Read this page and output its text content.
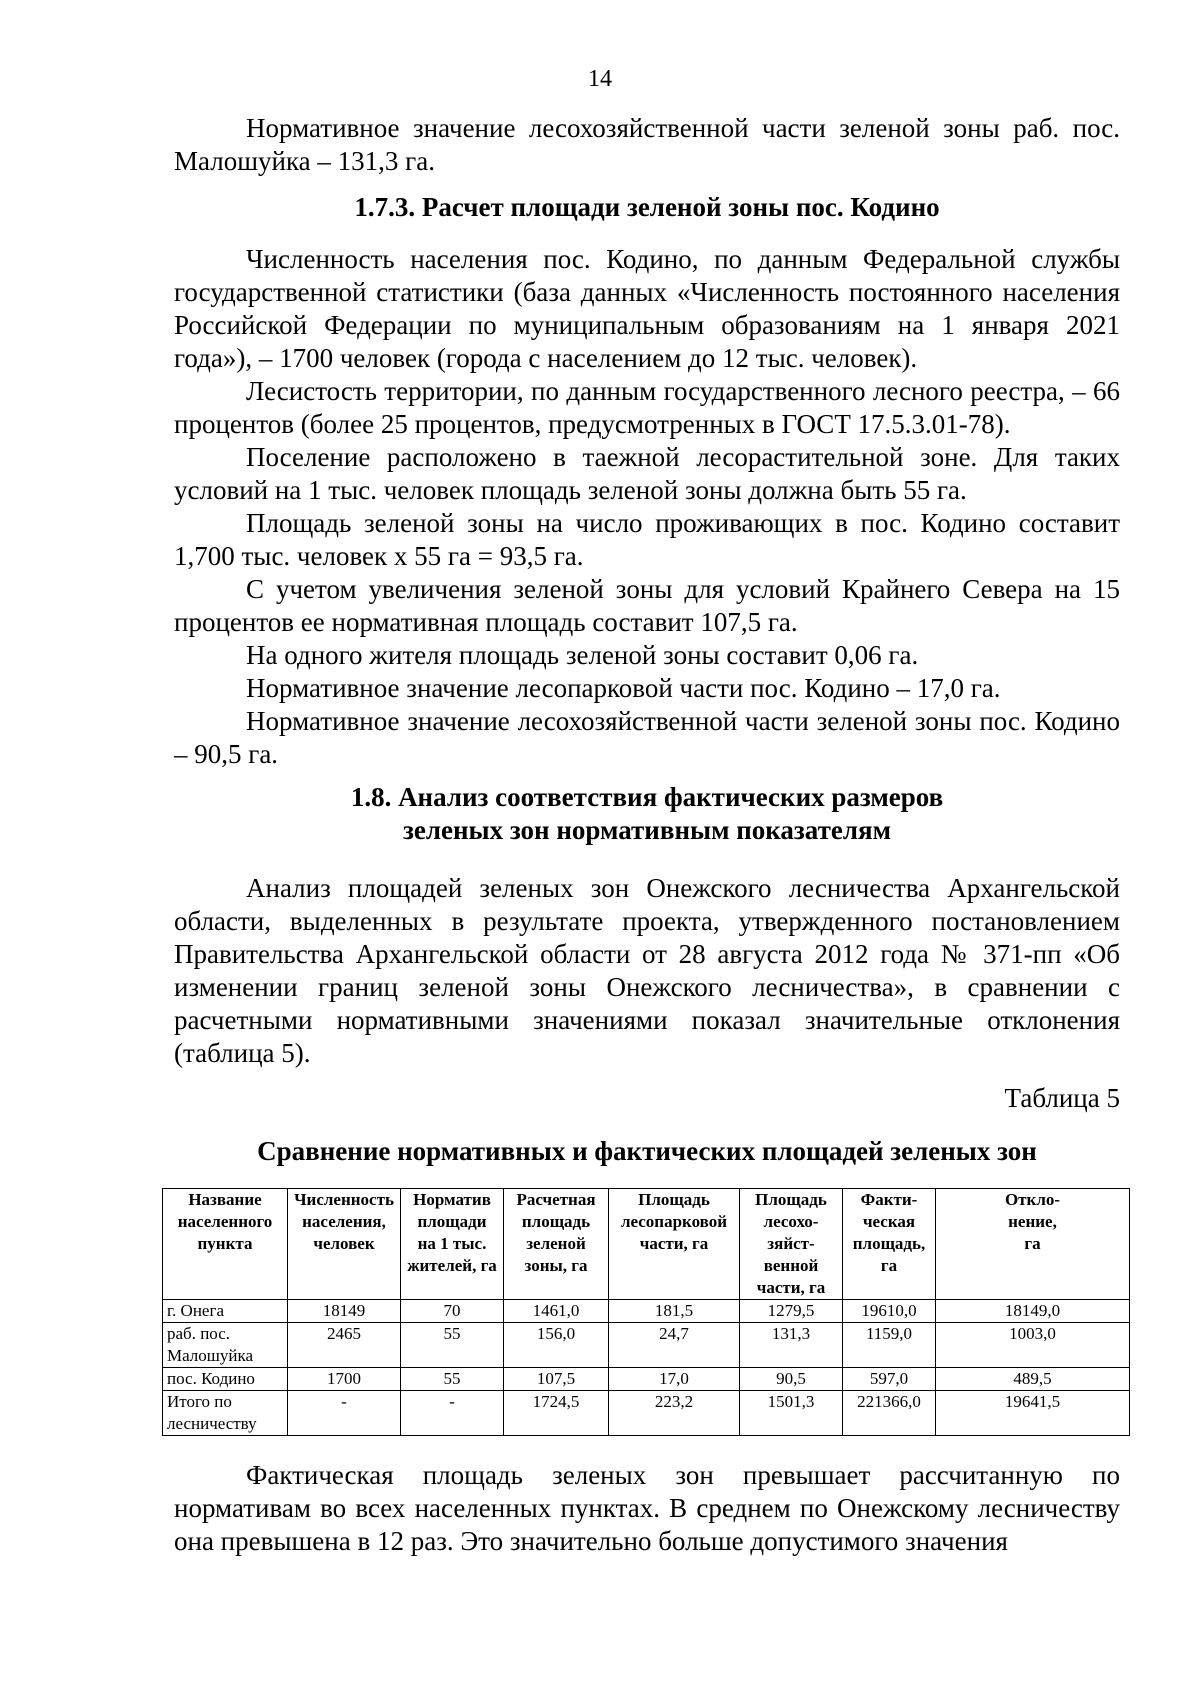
14

Нормативное значение лесохозяйственной части зеленой зоны раб. пос. Малошуйка – 131,3 га.

1.7.3. Расчет площади зеленой зоны пос. Кодино

Численность населения пос. Кодино, по данным Федеральной службы государственной статистики (база данных «Численность постоянного населения Российской Федерации по муниципальным образованиям на 1 января 2021 года»), – 1700 человек (города с населением до 12 тыс. человек).

Лесистость территории, по данным государственного лесного реестра, – 66 процентов (более 25 процентов, предусмотренных в ГОСТ 17.5.3.01-78).

Поселение расположено в таежной лесорастительной зоне. Для таких условий на 1 тыс. человек площадь зеленой зоны должна быть 55 га.

Площадь зеленой зоны на число проживающих в пос. Кодино составит 1,700 тыс. человек х 55 га = 93,5 га.

С учетом увеличения зеленой зоны для условий Крайнего Севера на 15 процентов ее нормативная площадь составит 107,5 га.

На одного жителя площадь зеленой зоны составит 0,06 га.

Нормативное значение лесопарковой части пос. Кодино – 17,0 га.

Нормативное значение лесохозяйственной части зеленой зоны пос. Кодино – 90,5 га.

1.8. Анализ соответствия фактических размеров
зеленых зон нормативным показателям

Анализ площадей зеленых зон Онежского лесничества Архангельской области, выделенных в результате проекта, утвержденного постановлением Правительства Архангельской области от 28 августа 2012 года № 371-пп «Об изменении границ зеленой зоны Онежского лесничества», в сравнении с расчетными нормативными значениями показал значительные отклонения (таблица 5).

Таблица 5
Сравнение нормативных и фактических площадей зеленых зон
Название
населенного
пункта	Численность
населения,
человек	Норматив
площади
на 1 тыс.
жителей, га	Расчетная
площадь
зеленой
зоны, га	Площадь
лесопарковой
части, га	Площадь
лесохо-
зяйст-
венной
части, га	Факти-
ческая
площадь,
га	Откло-
нение,
га
г. Онега	18149	70	1461,0	181,5	1279,5	19610,0	18149,0
раб. пос. Малошуйка	2465	55	156,0	24,7	131,3	1159,0	1003,0
пос. Кодино	1700	55	107,5	17,0	90,5	597,0	489,5
Итого по лесничеству	-	-	1724,5	223,2	1501,3	221366,0	19641,5

Фактическая площадь зеленых зон превышает рассчитанную по нормативам во всех населенных пунктах. В среднем по Онежскому лесничеству она превышена в 12 раз. Это значительно больше допустимого значения
